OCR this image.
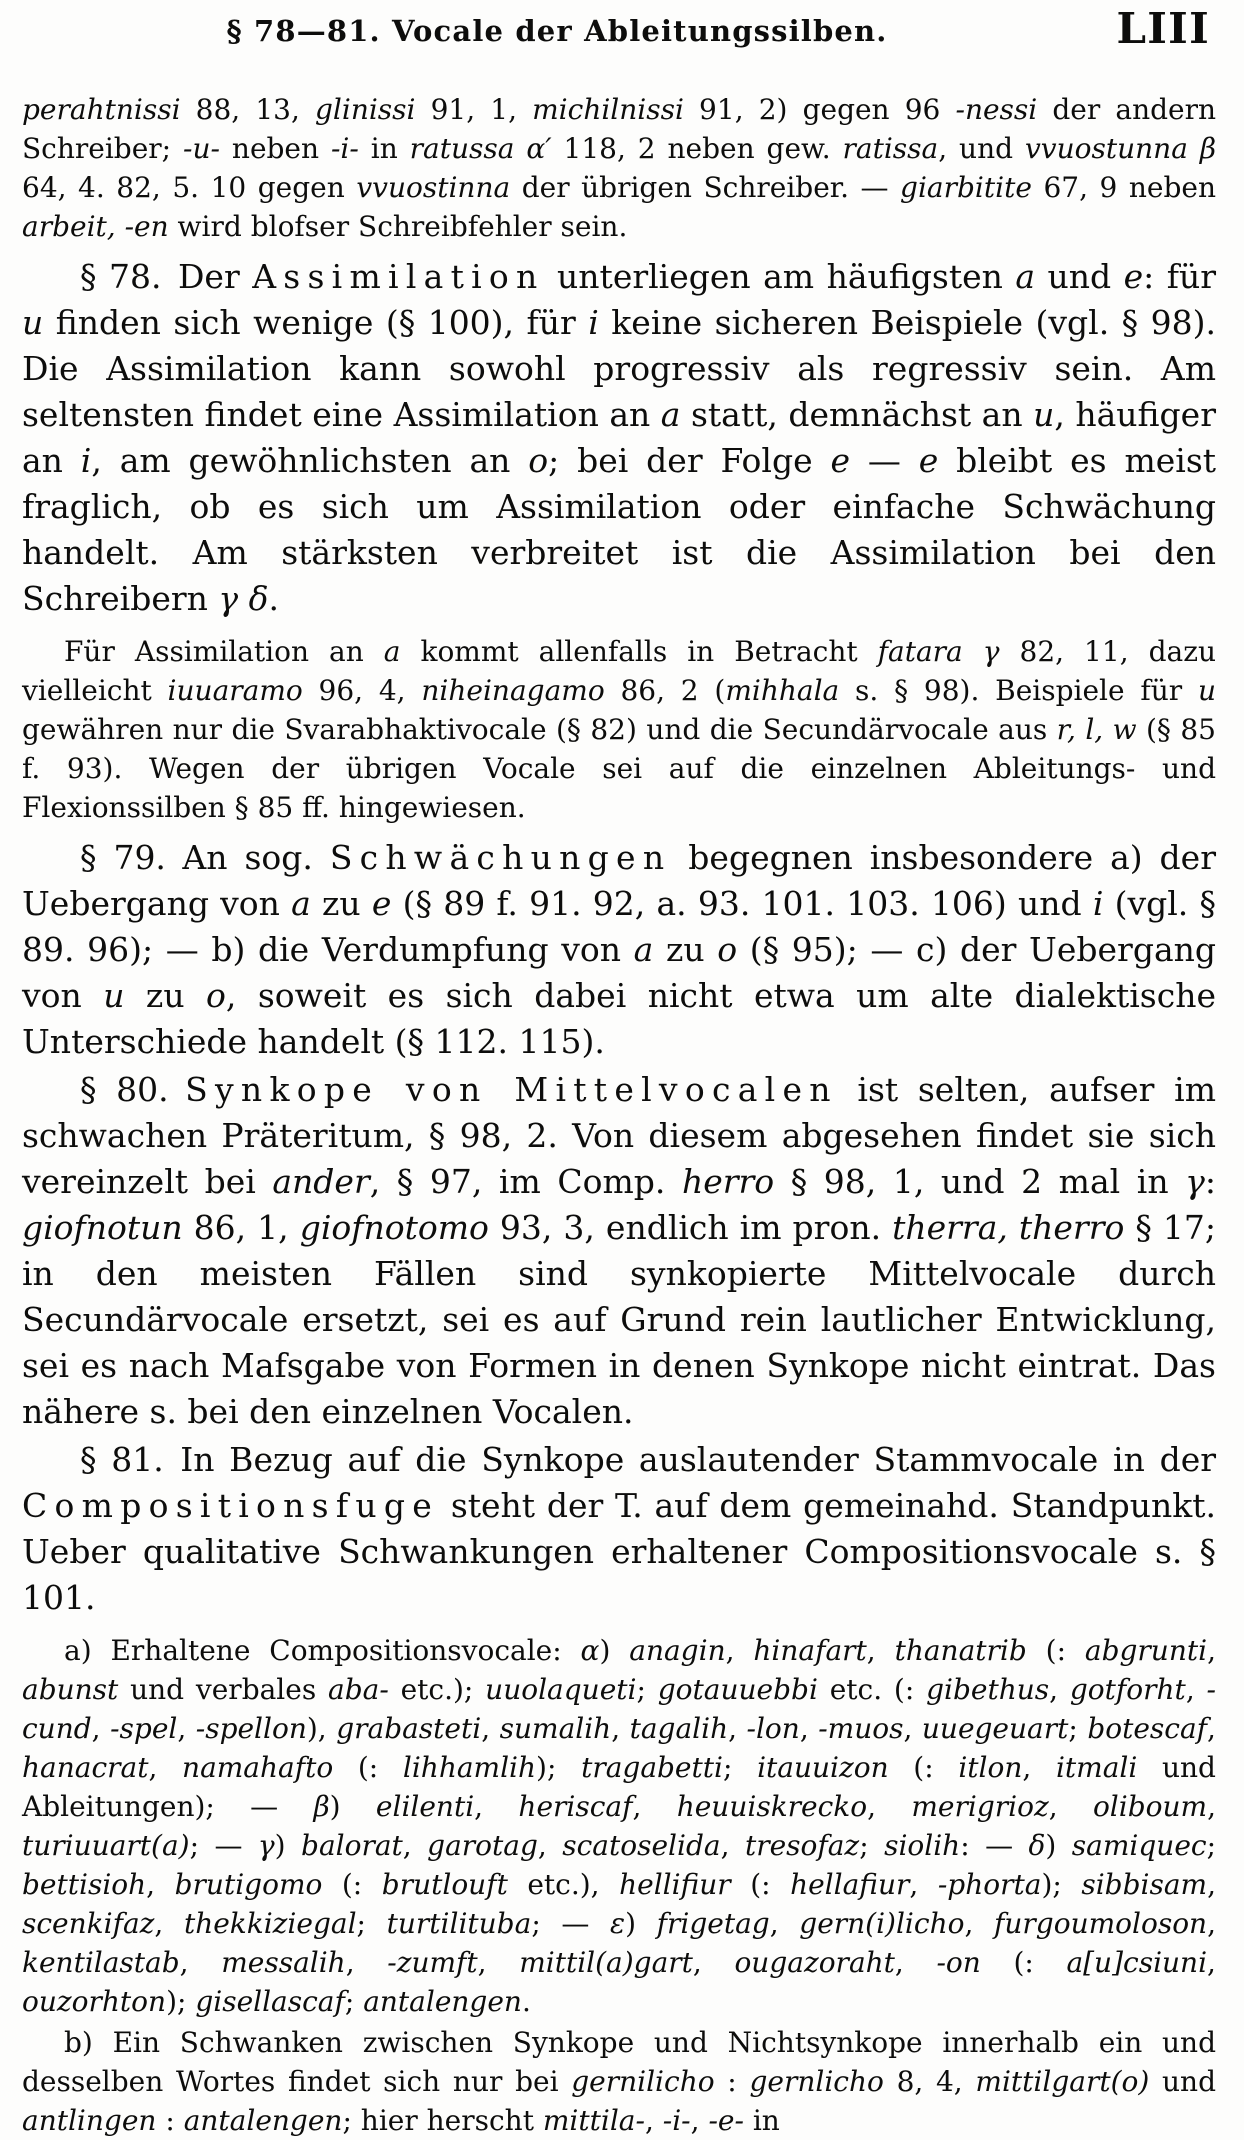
§ 78—81. Vocale der Ableitungssilben.	LIII

perahtnissi 88, 13, glinissi 91, 1, michilnissi 91, 2) gegen 96 -nessi der andern Schreiber; -u- neben -i- in ratussa α′ 118, 2 neben gew. ratissa, und vvuostunna β 64, 4. 82, 5. 10 gegen vvuostinna der übrigen Schreiber. — giarbitite 67, 9 neben arbeit, -en wird blofser Schreibfehler sein.

§ 78. Der Assimilation unterliegen am häufigsten a und e: für u finden sich wenige (§ 100), für i keine sicheren Beispiele (vgl. § 98). Die Assimilation kann sowohl progressiv als regressiv sein. Am seltensten findet eine Assimilation an a statt, demnächst an u, häufiger an i, am gewöhnlichsten an o; bei der Folge e — e bleibt es meist fraglich, ob es sich um Assimilation oder einfache Schwächung handelt. Am stärksten verbreitet ist die Assimilation bei den Schreibern γ δ.

Für Assimilation an a kommt allenfalls in Betracht fatara γ 82, 11, dazu vielleicht iuuaramo 96, 4, niheinagamo 86, 2 (mihhala s. § 98). Beispiele für u gewähren nur die Svarabhaktivocale (§ 82) und die Secundärvocale aus r, l, w (§ 85 f. 93). Wegen der übrigen Vocale sei auf die einzelnen Ableitungs- und Flexionssilben § 85 ff. hingewiesen.

§ 79. An sog. Schwächungen begegnen insbesondere a) der Uebergang von a zu e (§ 89 f. 91. 92, a. 93. 101. 103. 106) und i (vgl. § 89. 96); — b) die Verdumpfung von a zu o (§ 95); — c) der Uebergang von u zu o, soweit es sich dabei nicht etwa um alte dialektische Unterschiede handelt (§ 112. 115).

§ 80. Synkope von Mittelvocalen ist selten, aufser im schwachen Präteritum, § 98, 2. Von diesem abgesehen findet sie sich vereinzelt bei ander, § 97, im Comp. herro § 98, 1, und 2 mal in γ: giofnotun 86, 1, giofnotomo 93, 3, endlich im pron. therra, therro § 17; in den meisten Fällen sind synkopierte Mittelvocale durch Secundärvocale ersetzt, sei es auf Grund rein lautlicher Entwicklung, sei es nach Mafsgabe von Formen in denen Synkope nicht eintrat. Das nähere s. bei den einzelnen Vocalen.

§ 81. In Bezug auf die Synkope auslautender Stammvocale in der Compositionsfuge steht der T. auf dem gemeinahd. Standpunkt. Ueber qualitative Schwankungen erhaltener Compositionsvocale s. § 101.

a) Erhaltene Compositionsvocale: α) anagin, hinafart, thanatrib (: abgrunti, abunst und verbales aba- etc.); uuolaqueti; gotauuebbi etc. (: gibethus, gotforht, -cund, -spel, -spellon), grabasteti, sumalih, tagalih, -lon, -muos, uuegeuart; botescaf, hanacrat, namahafto (: lihhamlih); tragabetti; itauuizon (: itlon, itmali und Ableitungen); — β) elilenti, heriscaf, heuuiskrecko, merigrioz, oliboum, turiuuart(a); — γ) balorat, garotag, scatoselida, tresofaz; siolih: — δ) samiquec; bettisioh, brutigomo (: brutlouft etc.), hellifiur (: hellafiur, -phorta); sibbisam, scenkifaz, thekkiziegal; turtilituba; — ε) frigetag, gern(i)licho, furgoumoloson, kentilastab, messalih, -zumft, mittil(a)gart, ougazoraht, -on (: a[u]csiuni, ouzorhton); gisellascaf; antalengen.

b) Ein Schwanken zwischen Synkope und Nichtsynkope innerhalb ein und desselben Wortes findet sich nur bei gernilicho : gernlicho 8, 4, mittilgart(o) und antlingen : antalengen; hier herscht mittila-, -i-, -e- in
